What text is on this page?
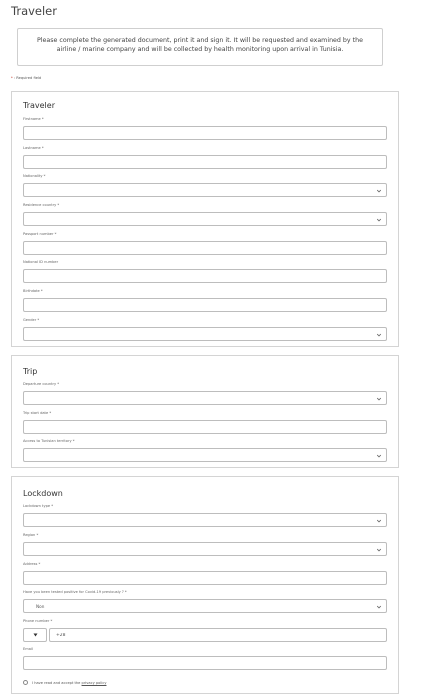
Traveler
Please complete the generated document, print it and sign it. It will be requested and examined by the airline / marine company and will be collected by health monitoring upon arrival in Tunisia.
* : Required field
Traveler
Firstname *
Lastname *
Nationality *
Residence country *
Passport number *
National ID number
Birthdate *
Gender *
Trip
Departure country *
Trip start date *
Access to Tunisian territory *
Lockdown
Lockdown type *
Region *
Address *
Have you been tested positive for Covid-19 previously ? *
Non
Phone number *
+28
Email
I have read and accept the privacy policy
